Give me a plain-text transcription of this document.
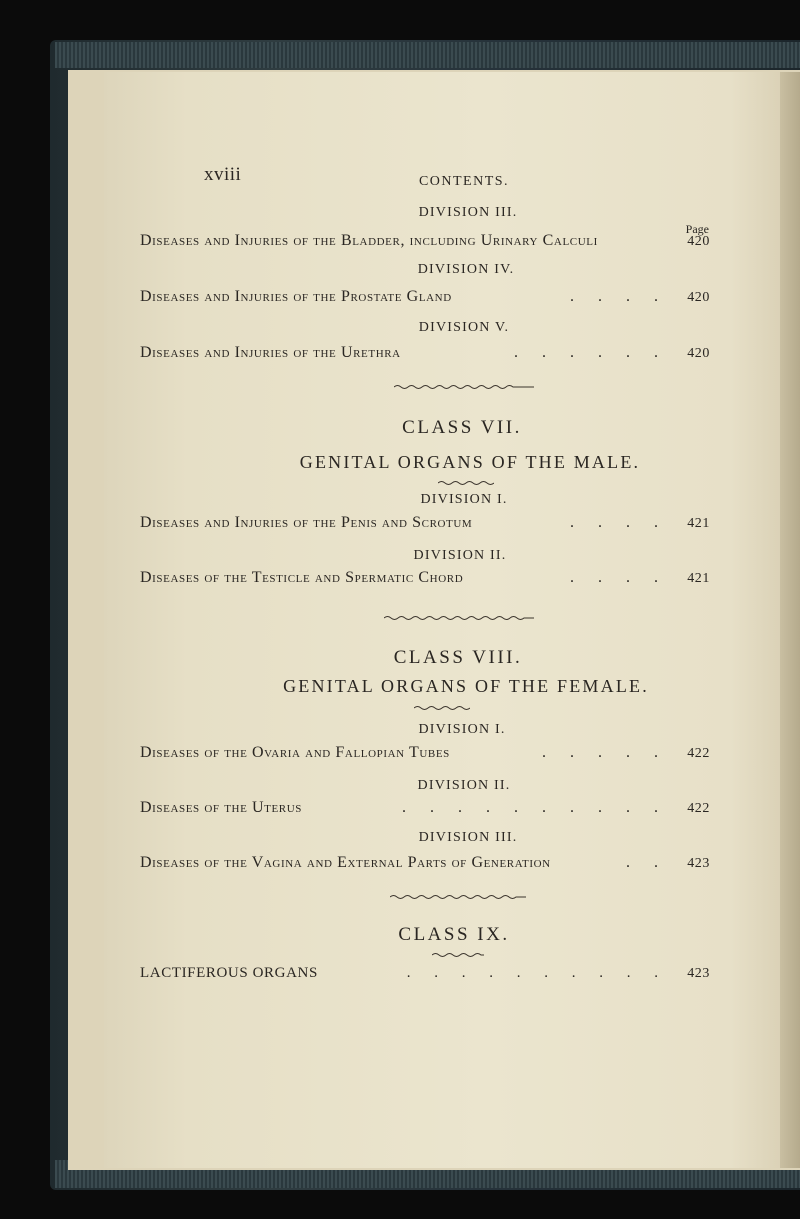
xviii	CONTENTS.
DIVISION III.
Page
Diseases and Injuries of the Bladder, including Urinary Calculi	420
DIVISION IV.
Diseases and Injuries of the Prostate Gland	. . . .	420
DIVISION V.
Diseases and Injuries of the Urethra	. . . . . .	420
CLASS VII.
GENITAL ORGANS OF THE MALE.
DIVISION I.
Diseases and Injuries of the Penis and Scrotum	. . . .	421
DIVISION II.
Diseases of the Testicle and Spermatic Chord	. . . .	421
CLASS VIII.
GENITAL ORGANS OF THE FEMALE.
DIVISION I.
Diseases of the Ovaria and Fallopian Tubes	. . . . .	422
DIVISION II.
Diseases of the Uterus	. . . . . . . . . .	422
DIVISION III.
Diseases of the Vagina and External Parts of Generation	. .	423
CLASS IX.
LACTIFEROUS ORGANS	. . . . . . . . . .	423
